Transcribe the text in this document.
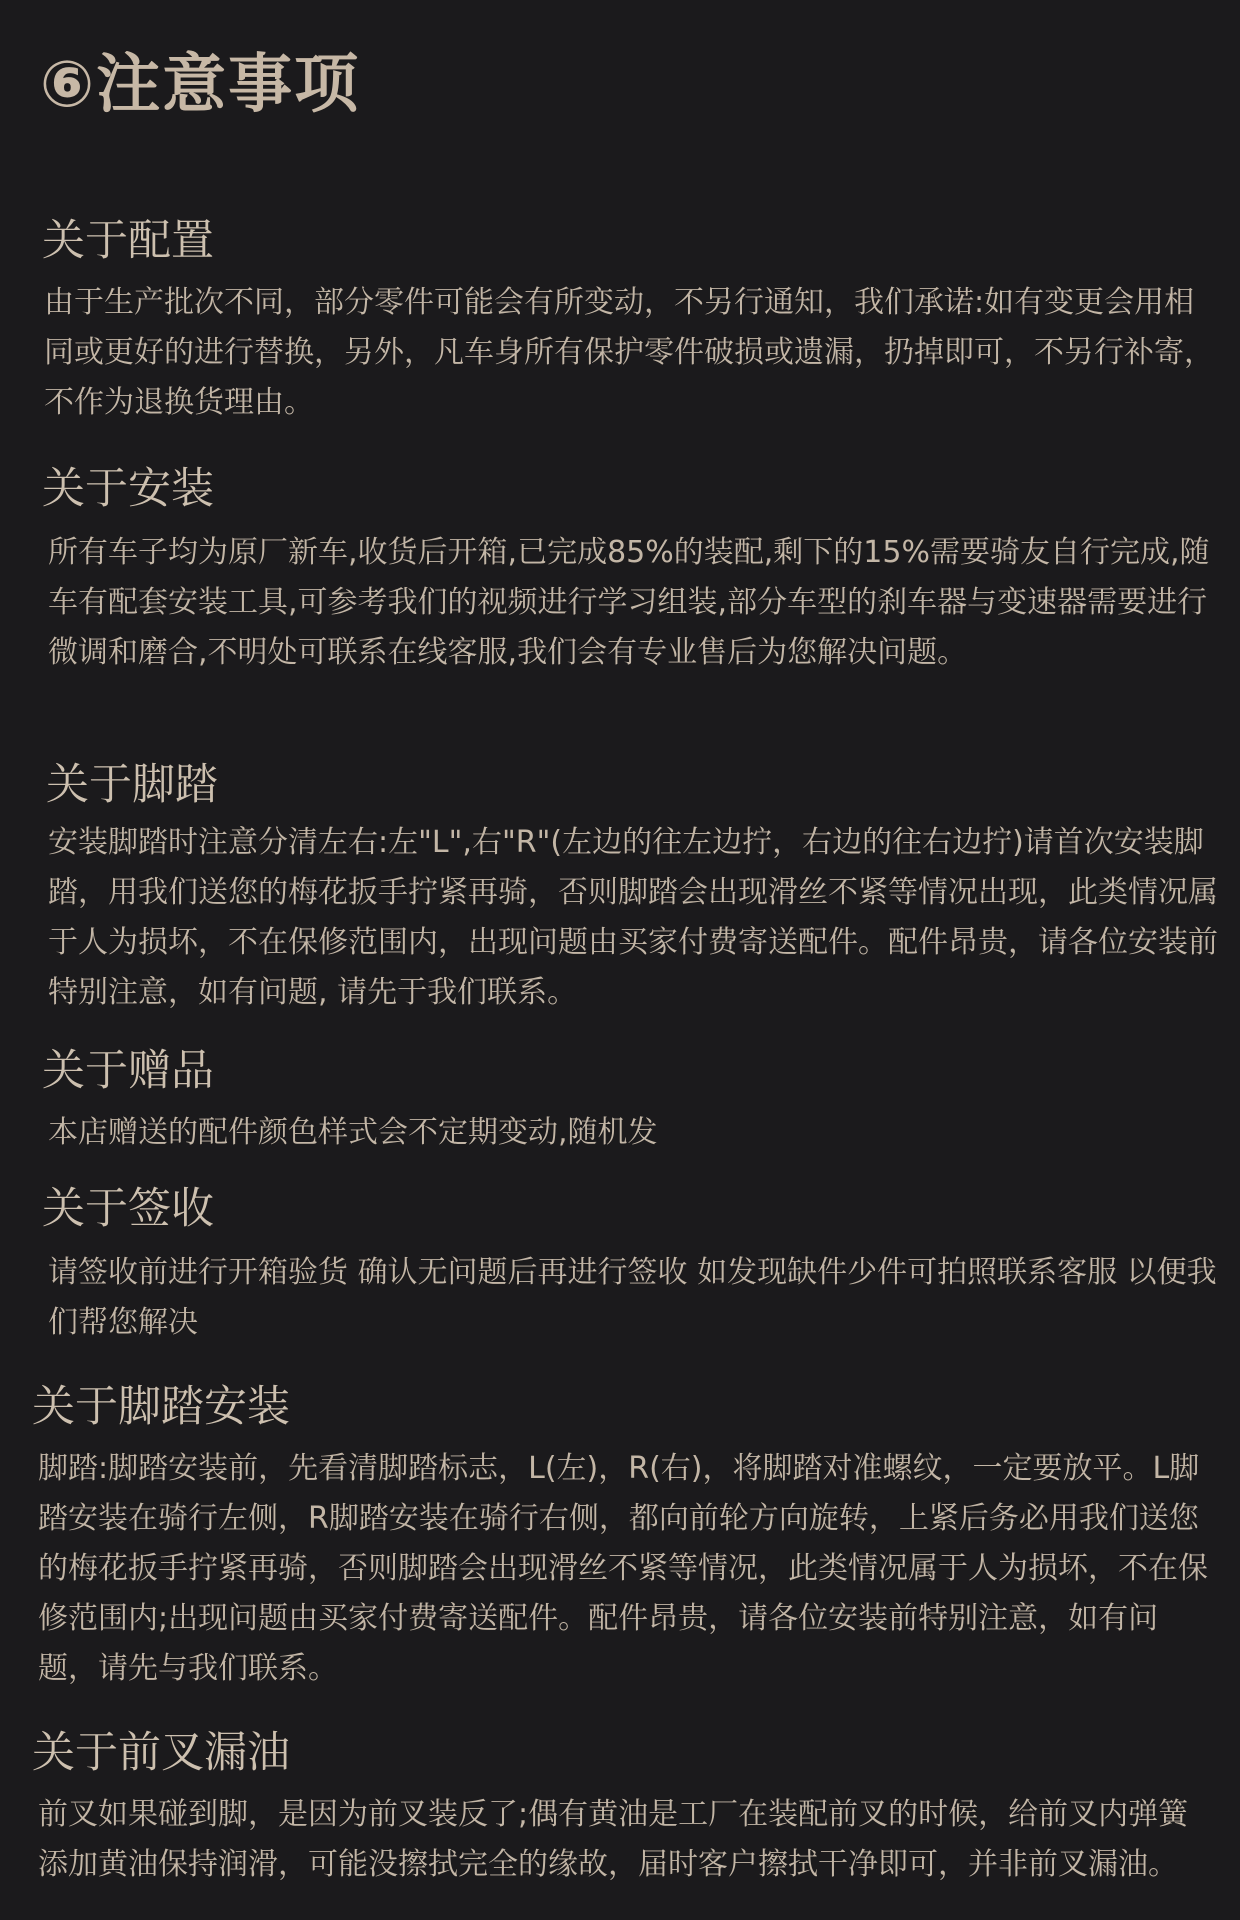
⑥注意事项
关于配置

由于生产批次不同，部分零件可能会有所变动，不另行通知，我们承诺:如有变更会用相同或更好的进行替换，另外，凡车身所有保护零件破损或遗漏，扔掉即可，不另行补寄，不作为退换货理由。

关于安装

所有车子均为原厂新车,收货后开箱,已完成85%的装配,剩下的15%需要骑友自行完成,随车有配套安装工具,可参考我们的视频进行学习组装,部分车型的刹车器与变速器需要进行微调和磨合,不明处可联系在线客服,我们会有专业售后为您解决问题。

关于脚踏

安装脚踏时注意分清左右:左"L",右"R"(左边的往左边拧，右边的往右边拧)请首次安装脚踏，用我们送您的梅花扳手拧紧再骑，否则脚踏会出现滑丝不紧等情况出现，此类情况属于人为损坏，不在保修范围内，出现问题由买家付费寄送配件。配件昂贵，请各位安装前特别注意，如有问题, 请先于我们联系。

关于赠品

本店赠送的配件颜色样式会不定期变动,随机发

关于签收

请签收前进行开箱验货 确认无问题后再进行签收 如发现缺件少件可拍照联系客服 以便我们帮您解决

关于脚踏安装

脚踏:脚踏安装前，先看清脚踏标志，L(左)，R(右)，将脚踏对准螺纹，一定要放平。L脚踏安装在骑行左侧，R脚踏安装在骑行右侧，都向前轮方向旋转，上紧后务必用我们送您的梅花扳手拧紧再骑，否则脚踏会出现滑丝不紧等情况，此类情况属于人为损坏，不在保修范围内;出现问题由买家付费寄送配件。配件昂贵，请各位安装前特别注意，如有问题，请先与我们联系。

关于前叉漏油

前叉如果碰到脚，是因为前叉装反了;偶有黄油是工厂在装配前叉的时候，给前叉内弹簧添加黄油保持润滑，可能没擦拭完全的缘故，届时客户擦拭干净即可，并非前叉漏油。
